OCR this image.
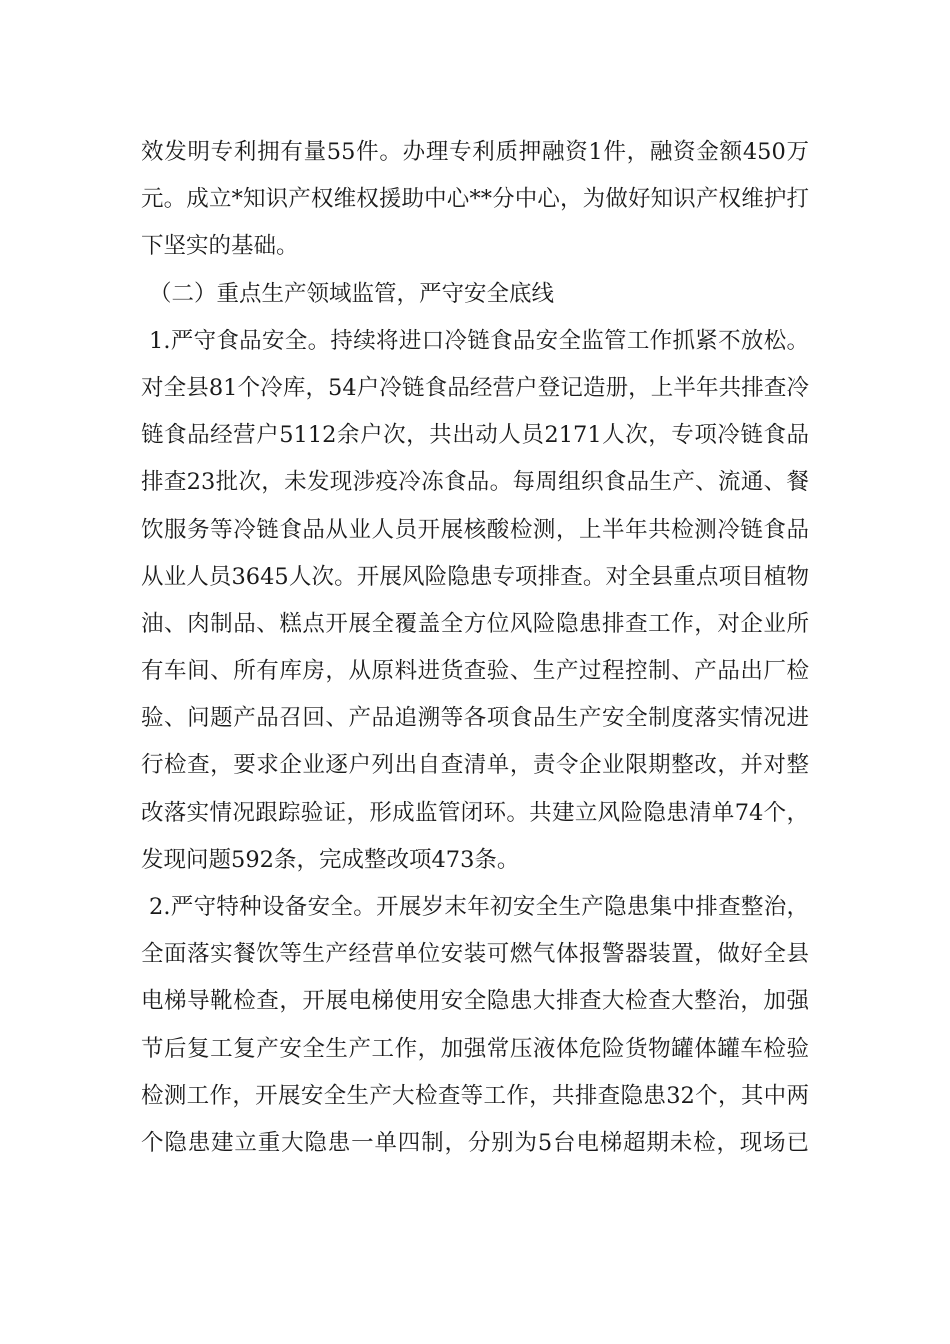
效发明专利拥有量55件。办理专利质押融资1件，融资金额450万
元。成立*知识产权维权援助中心**分中心，为做好知识产权维护打
下坚实的基础。
（二）重点生产领域监管，严守安全底线
1.严守食品安全。持续将进口冷链食品安全监管工作抓紧不放松。
对全县81个冷库，54户冷链食品经营户登记造册，上半年共排查冷
链食品经营户5112余户次，共出动人员2171人次，专项冷链食品
排查23批次，未发现涉疫冷冻食品。每周组织食品生产、流通、餐
饮服务等冷链食品从业人员开展核酸检测，上半年共检测冷链食品
从业人员3645人次。开展风险隐患专项排查。对全县重点项目植物
油、肉制品、糕点开展全覆盖全方位风险隐患排查工作，对企业所
有车间、所有库房，从原料进货查验、生产过程控制、产品出厂检
验、问题产品召回、产品追溯等各项食品生产安全制度落实情况进
行检查，要求企业逐户列出自查清单，责令企业限期整改，并对整
改落实情况跟踪验证，形成监管闭环。共建立风险隐患清单74个，
发现问题592条，完成整改项473条。
2.严守特种设备安全。开展岁末年初安全生产隐患集中排查整治，
全面落实餐饮等生产经营单位安装可燃气体报警器装置，做好全县
电梯导靴检查，开展电梯使用安全隐患大排查大检查大整治，加强
节后复工复产安全生产工作，加强常压液体危险货物罐体罐车检验
检测工作，开展安全生产大检查等工作，共排查隐患32个，其中两
个隐患建立重大隐患一单四制，分别为5台电梯超期未检，现场已
